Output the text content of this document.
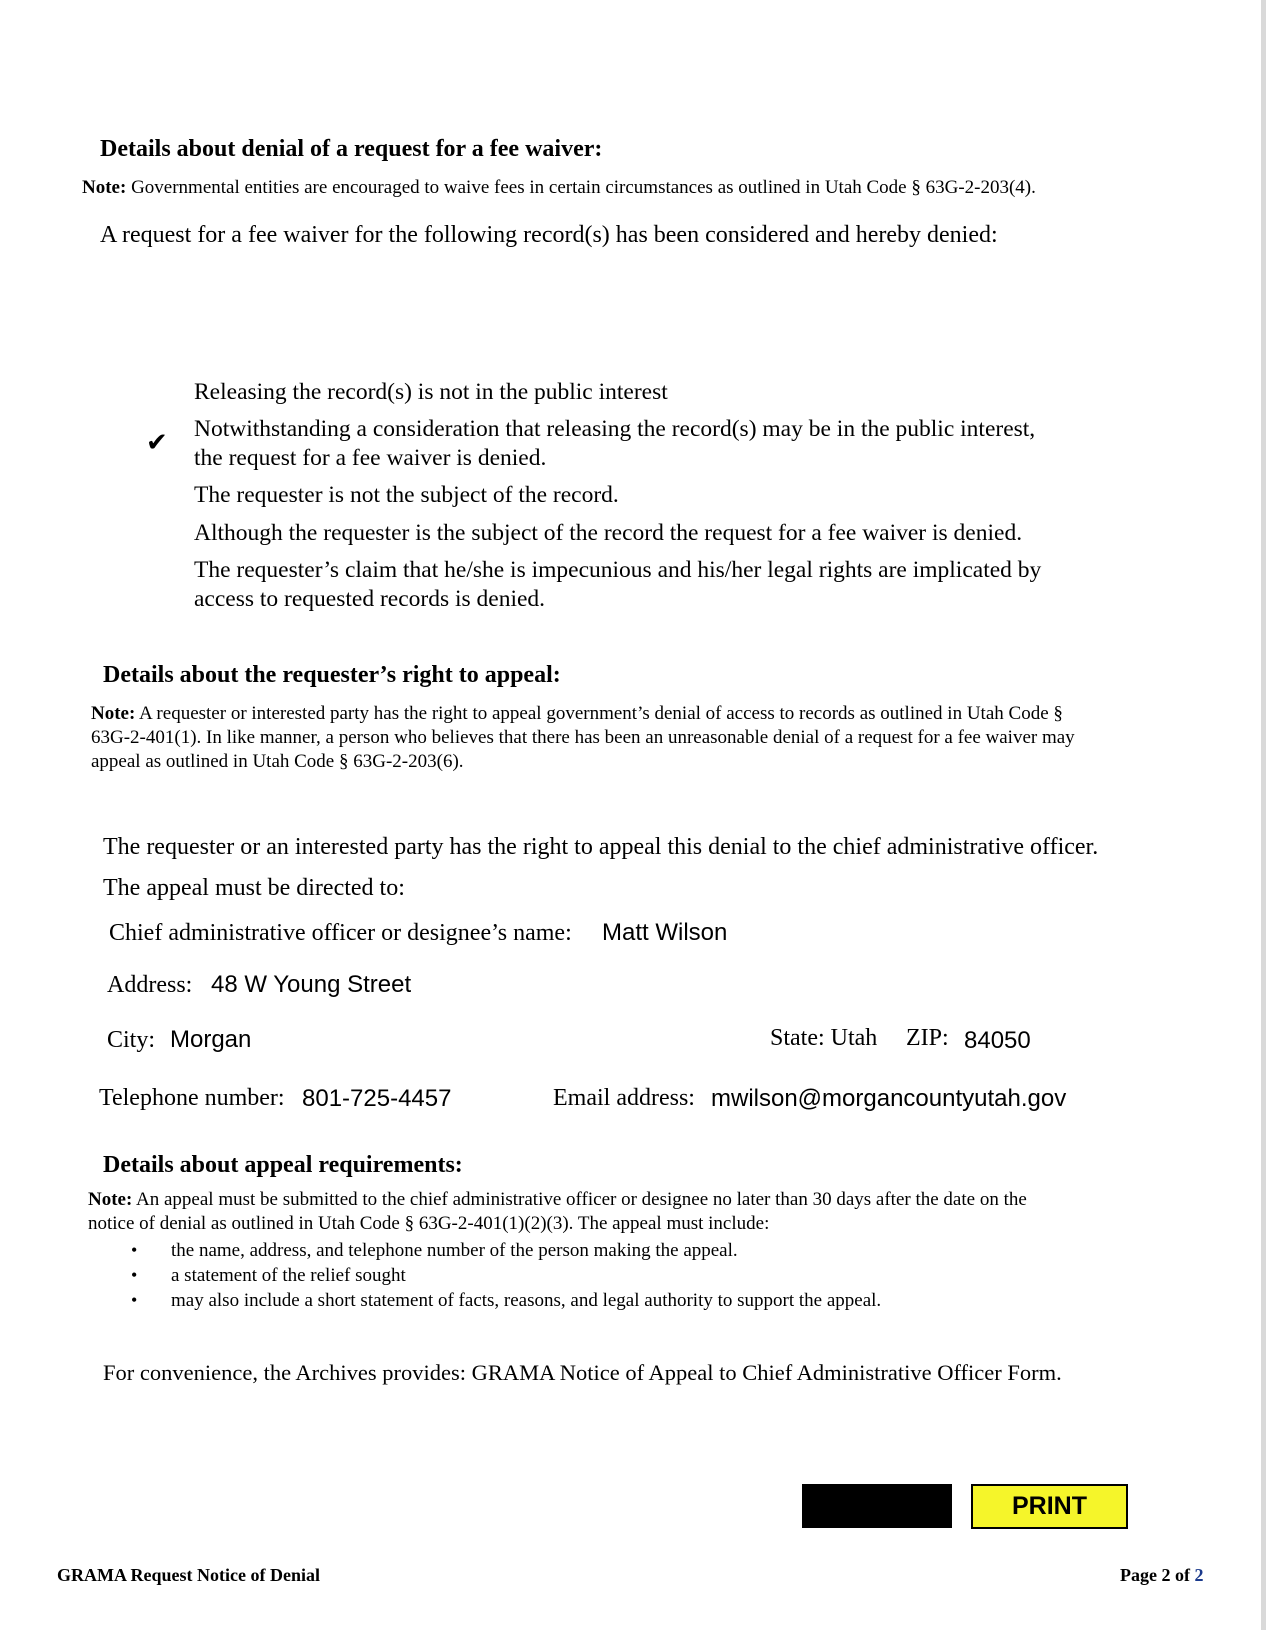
Details about denial of a request for a fee waiver:
Note: Governmental entities are encouraged to waive fees in certain circumstances as outlined in Utah Code § 63G-2-203(4).
A request for a fee waiver for the following record(s) has been considered and hereby denied:
Releasing the record(s) is not in the public interest
✔ Notwithstanding a consideration that releasing the record(s) may be in the public interest,
the request for a fee waiver is denied.
The requester is not the subject of the record.
Although the requester is the subject of the record the request for a fee waiver is denied.
The requester’s claim that he/she is impecunious and his/her legal rights are implicated by
access to requested records is denied.
Details about the requester’s right to appeal:
Note: A requester or interested party has the right to appeal government’s denial of access to records as outlined in Utah Code §
63G-2-401(1). In like manner, a person who believes that there has been an unreasonable denial of a request for a fee waiver may
appeal as outlined in Utah Code § 63G-2-203(6).
The requester or an interested party has the right to appeal this denial to the chief administrative officer.
The appeal must be directed to:
Chief administrative officer or designee’s name: Matt Wilson
Address: 48 W Young Street
City: Morgan	State: Utah ZIP: 84050
Telephone number: 801-725-4457	Email address: mwilson@morgancountyutah.gov
Details about appeal requirements:
Note: An appeal must be submitted to the chief administrative officer or designee no later than 30 days after the date on the
notice of denial as outlined in Utah Code § 63G-2-401(1)(2)(3). The appeal must include:
• the name, address, and telephone number of the person making the appeal.
• a statement of the relief sought
• may also include a short statement of facts, reasons, and legal authority to support the appeal.
For convenience, the Archives provides: GRAMA Notice of Appeal to Chief Administrative Officer Form.
PRINT
GRAMA Request Notice of Denial	Page 2 of 2
